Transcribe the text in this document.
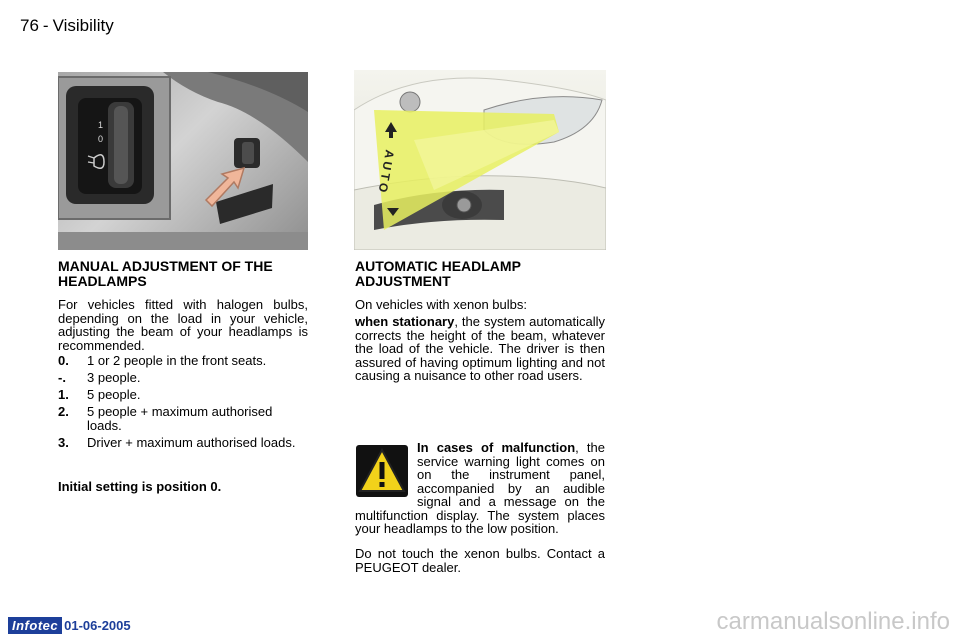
76 - Visibility
1
0
AUTO
MANUAL ADJUSTMENT OF THE HEADLAMPS
For vehicles fitted with halogen bulbs, depending on the load in your vehicle, adjusting the beam of your headlamps is recommended.
0.	1 or 2 people in the front seats.
-.	3 people.
1.	5 people.
2.	5 people + maximum authorised loads.
3.	Driver + maximum authorised loads.
Initial setting is position 0.
AUTOMATIC HEADLAMP ADJUSTMENT
On vehicles with xenon bulbs:
when stationary, the system automatically corrects the height of the beam, whatever the load of the vehicle. The driver is then assured of having optimum lighting and not causing a nuisance to other road users.
In cases of malfunction, the service warning light comes on on the instrument panel, accompanied by an audible signal and a message on the multifunction display. The system places your headlamps to the low position.
Do not touch the xenon bulbs. Contact a PEUGEOT dealer.
Infotec 01-06-2005	carmanualsonline.info
